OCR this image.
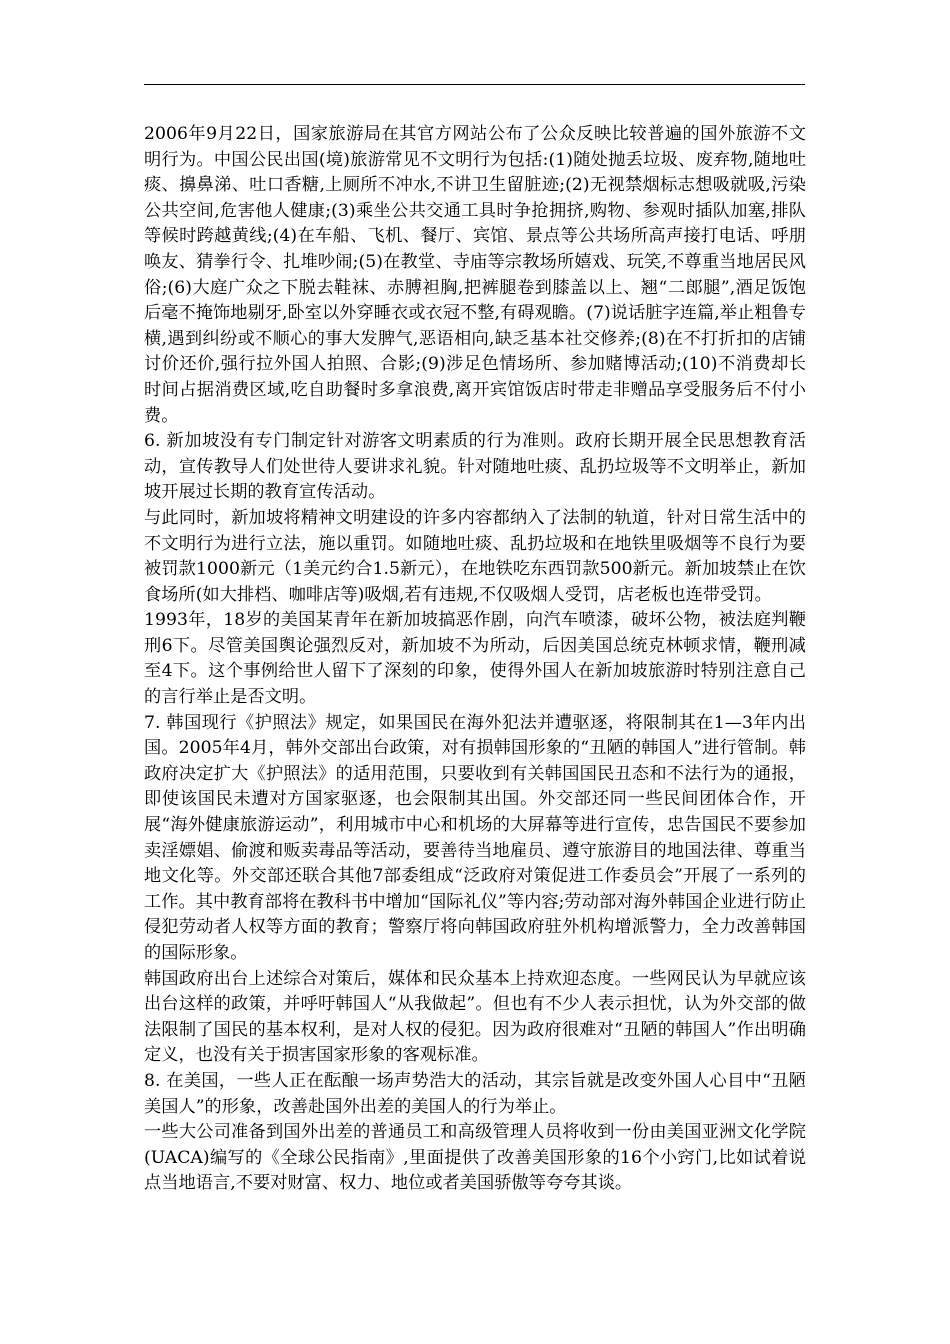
2006年9月22日，国家旅游局在其官方网站公布了公众反映比较普遍的国外旅游不文明行为。中国公民出国(境)旅游常见不文明行为包括:(1)随处抛丢垃圾、废弃物,随地吐痰、擤鼻涕、吐口香糖,上厕所不冲水,不讲卫生留脏迹;(2)无视禁烟标志想吸就吸,污染公共空间,危害他人健康;(3)乘坐公共交通工具时争抢拥挤,购物、参观时插队加塞,排队等候时跨越黄线;(4)在车船、飞机、餐厅、宾馆、景点等公共场所高声接打电话、呼朋唤友、猜拳行令、扎堆吵闹;(5)在教堂、寺庙等宗教场所嬉戏、玩笑,不尊重当地居民风俗;(6)大庭广众之下脱去鞋袜、赤膊袒胸,把裤腿卷到膝盖以上、翘“二郎腿”,酒足饭饱后毫不掩饰地剔牙,卧室以外穿睡衣或衣冠不整,有碍观瞻。(7)说话脏字连篇,举止粗鲁专横,遇到纠纷或不顺心的事大发脾气,恶语相向,缺乏基本社交修养;(8)在不打折扣的店铺讨价还价,强行拉外国人拍照、合影;(9)涉足色情场所、参加赌博活动;(10)不消费却长时间占据消费区域,吃自助餐时多拿浪费,离开宾馆饭店时带走非赠品享受服务后不付小费。

6. 新加坡没有专门制定针对游客文明素质的行为准则。政府长期开展全民思想教育活动，宣传教导人们处世待人要讲求礼貌。针对随地吐痰、乱扔垃圾等不文明举止，新加坡开展过长期的教育宣传活动。

与此同时，新加坡将精神文明建设的许多内容都纳入了法制的轨道，针对日常生活中的不文明行为进行立法，施以重罚。如随地吐痰、乱扔垃圾和在地铁里吸烟等不良行为要被罚款1000新元（1美元约合1.5新元），在地铁吃东西罚款500新元。新加坡禁止在饮食场所(如大排档、咖啡店等)吸烟,若有违规,不仅吸烟人受罚，店老板也连带受罚。

1993年，18岁的美国某青年在新加坡搞恶作剧，向汽车喷漆，破坏公物，被法庭判鞭刑6下。尽管美国舆论强烈反对，新加坡不为所动，后因美国总统克林顿求情，鞭刑减至4下。这个事例给世人留下了深刻的印象，使得外国人在新加坡旅游时特别注意自己的言行举止是否文明。

7. 韩国现行《护照法》规定，如果国民在海外犯法并遭驱逐，将限制其在1—3年内出国。2005年4月，韩外交部出台政策，对有损韩国形象的“丑陋的韩国人”进行管制。韩政府决定扩大《护照法》的适用范围，只要收到有关韩国国民丑态和不法行为的通报，即使该国民未遭对方国家驱逐，也会限制其出国。外交部还同一些民间团体合作，开展“海外健康旅游运动”，利用城市中心和机场的大屏幕等进行宣传，忠告国民不要参加卖淫嫖娼、偷渡和贩卖毒品等活动，要善待当地雇员、遵守旅游目的地国法律、尊重当地文化等。外交部还联合其他7部委组成“泛政府对策促进工作委员会”开展了一系列的工作。其中教育部将在教科书中增加“国际礼仪”等内容;劳动部对海外韩国企业进行防止侵犯劳动者人权等方面的教育；警察厅将向韩国政府驻外机构增派警力，全力改善韩国的国际形象。

韩国政府出台上述综合对策后，媒体和民众基本上持欢迎态度。一些网民认为早就应该出台这样的政策，并呼吁韩国人“从我做起”。但也有不少人表示担忧，认为外交部的做法限制了国民的基本权利，是对人权的侵犯。因为政府很难对“丑陋的韩国人”作出明确定义，也没有关于损害国家形象的客观标准。

8. 在美国，一些人正在酝酿一场声势浩大的活动，其宗旨就是改变外国人心目中“丑陋美国人”的形象，改善赴国外出差的美国人的行为举止。

一些大公司准备到国外出差的普通员工和高级管理人员将收到一份由美国亚洲文化学院(UACA)编写的《全球公民指南》,里面提供了改善美国形象的16个小窍门,比如试着说点当地语言,不要对财富、权力、地位或者美国骄傲等夸夸其谈。
